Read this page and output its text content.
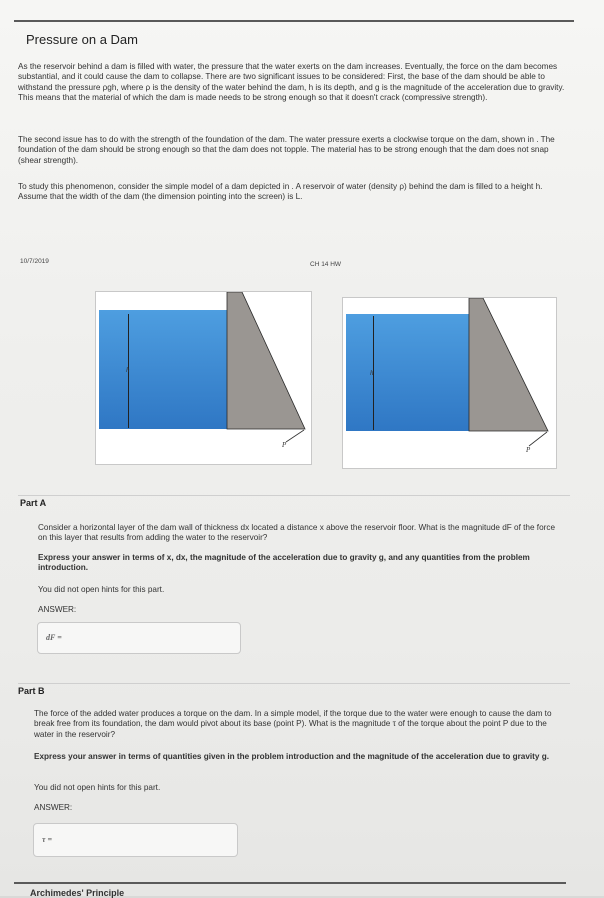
Pressure on a Dam
As the reservoir behind a dam is filled with water, the pressure that the water exerts on the dam increases. Eventually, the force on the dam becomes substantial, and it could cause the dam to collapse. There are two significant issues to be considered: First, the base of the dam should be able to withstand the pressure ρgh, where ρ is the density of the water behind the dam, h is its depth, and g is the magnitude of the acceleration due to gravity. This means that the material of which the dam is made needs to be strong enough so that it doesn't crack (compressive strength).
The second issue has to do with the strength of the foundation of the dam. The water pressure exerts a clockwise torque on the dam, shown in . The foundation of the dam should be strong enough so that the dam does not topple. The material has to be strong enough that the dam does not snap (shear strength).
To study this phenomenon, consider the simple model of a dam depicted in . A reservoir of water (density ρ) behind the dam is filled to a height h. Assume that the width of the dam (the dimension pointing into the screen) is L.
10/7/2019	CH 14 HW
h
P
h
P
Part A
Consider a horizontal layer of the dam wall of thickness dx located a distance x above the reservoir floor. What is the magnitude dF of the force on this layer that results from adding the water to the reservoir?
Express your answer in terms of x, dx, the magnitude of the acceleration due to gravity g, and any quantities from the problem introduction.
You did not open hints for this part.
ANSWER:
dF =
Part B
The force of the added water produces a torque on the dam. In a simple model, if the torque due to the water were enough to cause the dam to break free from its foundation, the dam would pivot about its base (point P). What is the magnitude τ of the torque about the point P due to the water in the reservoir?
Express your answer in terms of quantities given in the problem introduction and the magnitude of the acceleration due to gravity g.
You did not open hints for this part.
ANSWER:
τ =
Archimedes' Principle
